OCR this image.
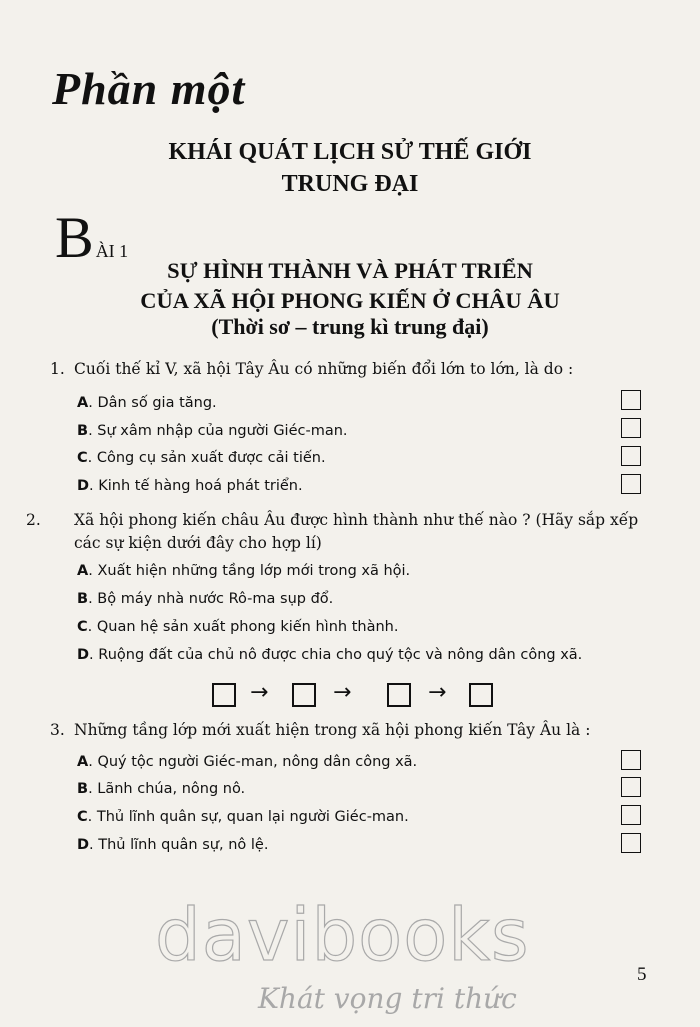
Phần một
KHÁI QUÁT LỊCH SỬ THẾ GIỚI
TRUNG ĐẠI
BÀI 1
SỰ HÌNH THÀNH VÀ PHÁT TRIỂN
CỦA XÃ HỘI PHONG KIẾN Ở CHÂU ÂU
(Thời sơ – trung kì trung đại)
1. Cuối thế kỉ V, xã hội Tây Âu có những biến đổi lớn to lớn, là do :
A. Dân số gia tăng.
B. Sự xâm nhập của người Giéc-man.
C. Công cụ sản xuất được cải tiến.
D. Kinh tế hàng hoá phát triển.
2. Xã hội phong kiến châu Âu được hình thành như thế nào ? (Hãy sắp xếp các sự kiện dưới đây cho hợp lí)
A. Xuất hiện những tầng lớp mới trong xã hội.
B. Bộ máy nhà nước Rô-ma sụp đổ.
C. Quan hệ sản xuất phong kiến hình thành.
D. Ruộng đất của chủ nô được chia cho quý tộc và nông dân công xã.
→	→	→
3. Những tầng lớp mới xuất hiện trong xã hội phong kiến Tây Âu là :
A. Quý tộc người Giéc-man, nông dân công xã.
B. Lãnh chúa, nông nô.
C. Thủ lĩnh quân sự, quan lại người Giéc-man.
D. Thủ lĩnh quân sự, nô lệ.
davibooks
Khát vọng tri thức
5
